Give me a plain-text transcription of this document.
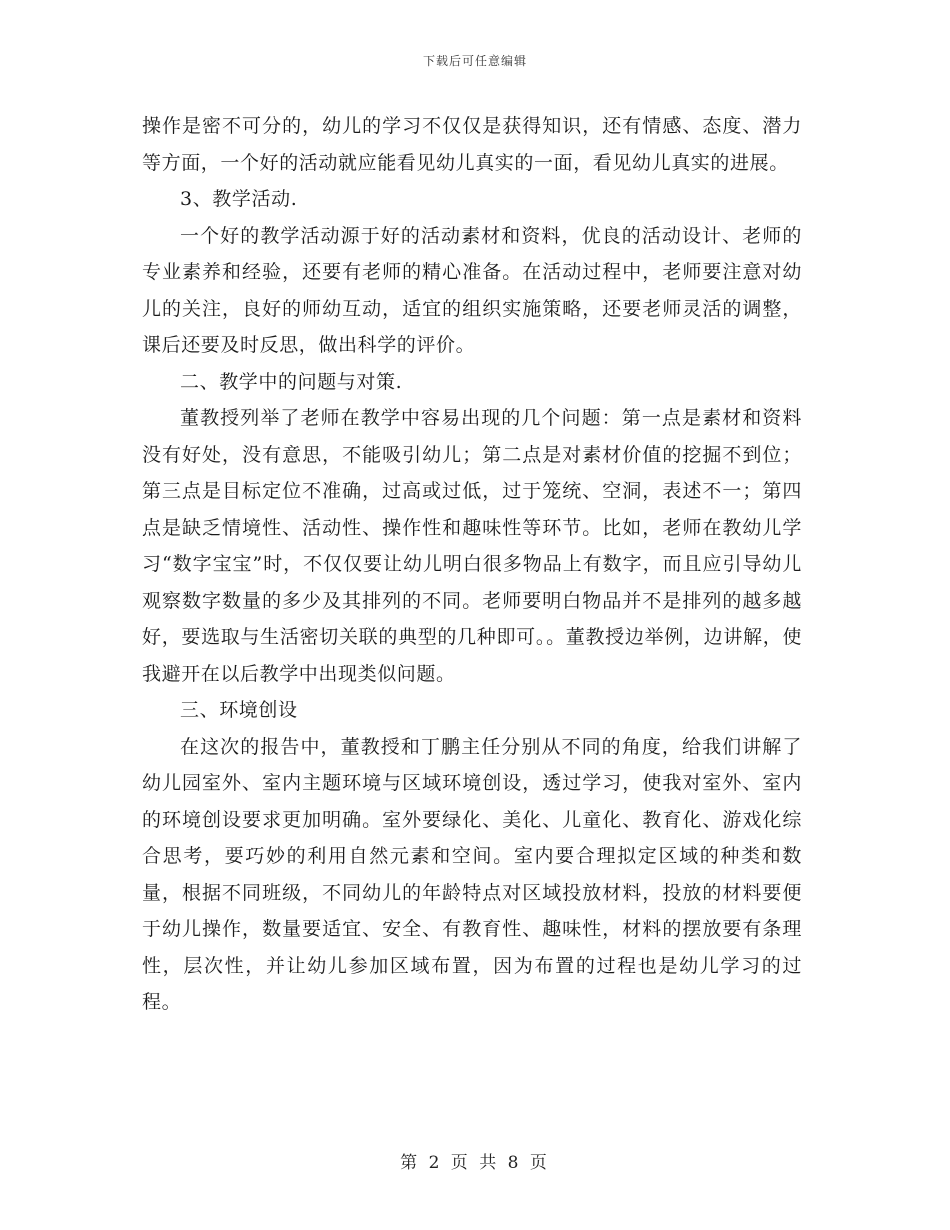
下载后可任意编辑

操作是密不可分的，幼儿的学习不仅仅是获得知识，还有情感、态度、潜力等方面，一个好的活动就应能看见幼儿真实的一面，看见幼儿真实的进展。

3、教学活动.

一个好的教学活动源于好的活动素材和资料，优良的活动设计、老师的专业素养和经验，还要有老师的精心准备。在活动过程中，老师要注意对幼儿的关注，良好的师幼互动，适宜的组织实施策略，还要老师灵活的调整，课后还要及时反思，做出科学的评价。

二、教学中的问题与对策.

董教授列举了老师在教学中容易出现的几个问题：第一点是素材和资料没有好处，没有意思，不能吸引幼儿；第二点是对素材价值的挖掘不到位；第三点是目标定位不准确，过高或过低，过于笼统、空洞，表述不一；第四点是缺乏情境性、活动性、操作性和趣味性等环节。比如，老师在教幼儿学习“数字宝宝”时，不仅仅要让幼儿明白很多物品上有数字，而且应引导幼儿观察数字数量的多少及其排列的不同。老师要明白物品并不是排列的越多越好，要选取与生活密切关联的典型的几种即可。。董教授边举例，边讲解，使我避开在以后教学中出现类似问题。

三、环境创设

在这次的报告中，董教授和丁鹏主任分别从不同的角度，给我们讲解了幼儿园室外、室内主题环境与区域环境创设，透过学习，使我对室外、室内的环境创设要求更加明确。室外要绿化、美化、儿童化、教育化、游戏化综合思考，要巧妙的利用自然元素和空间。室内要合理拟定区域的种类和数量，根据不同班级，不同幼儿的年龄特点对区域投放材料，投放的材料要便于幼儿操作，数量要适宜、安全、有教育性、趣味性，材料的摆放要有条理性，层次性，并让幼儿参加区域布置，因为布置的过程也是幼儿学习的过程。

第 2 页 共 8 页
